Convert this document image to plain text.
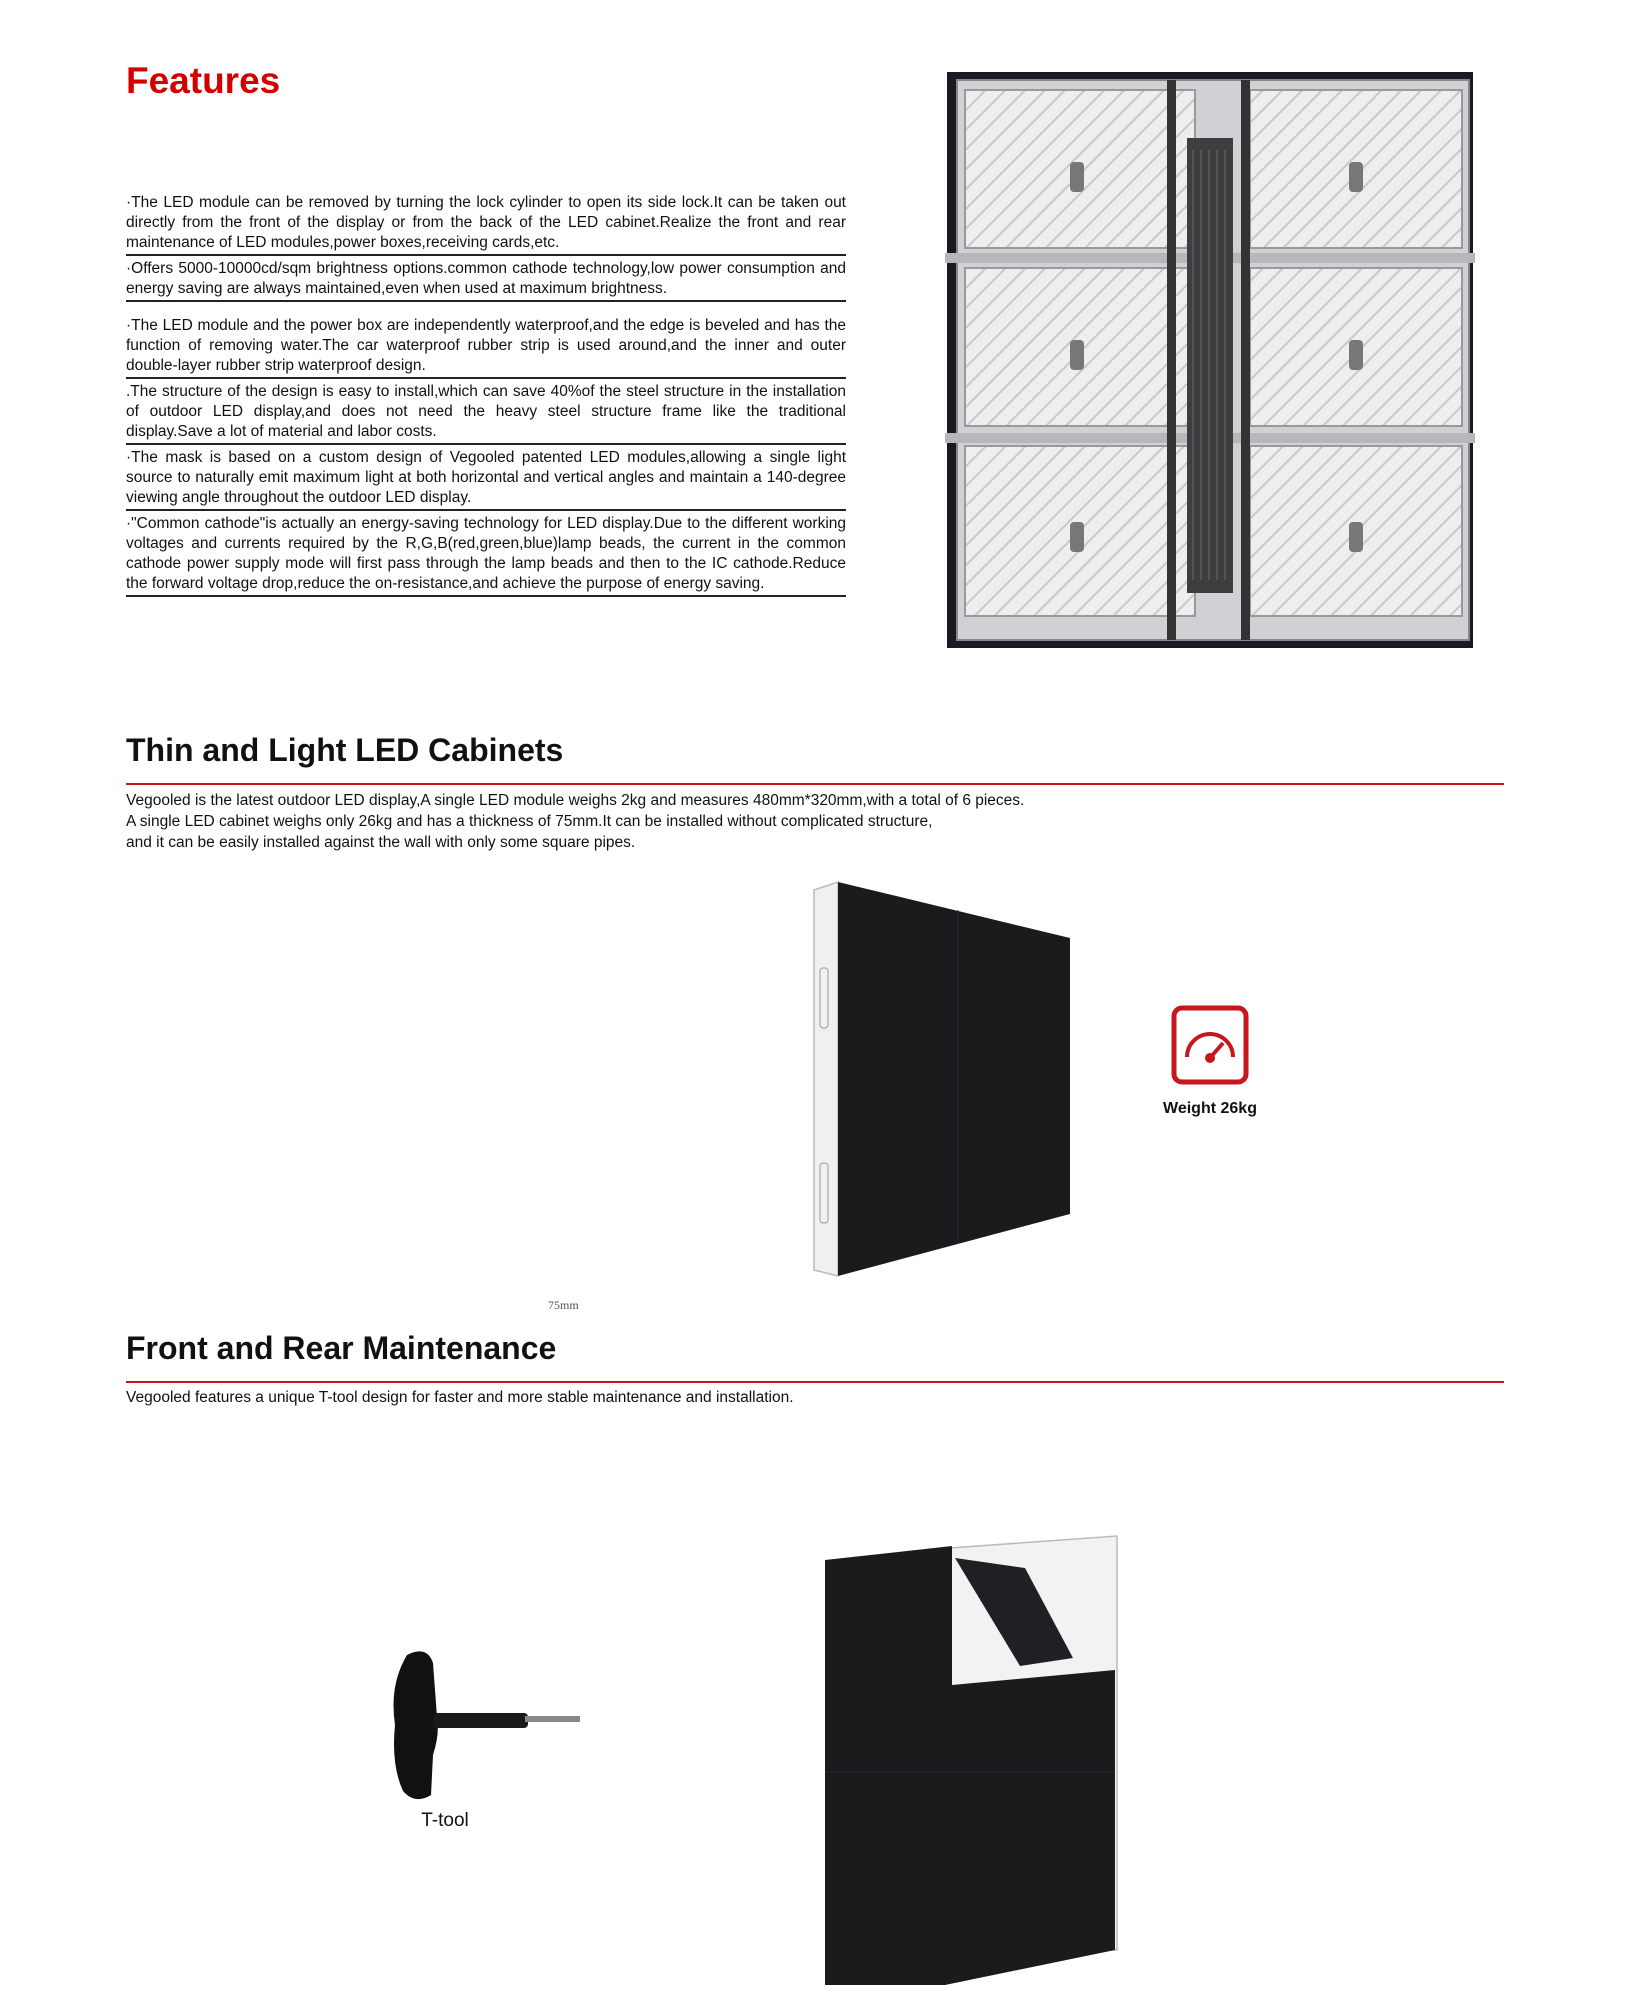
Features
·The LED module can be removed by turning the lock cylinder to open its side lock.It can be taken out directly from the front of the display or from the back of the LED cabinet.Realize the front and rear maintenance of LED modules,power boxes,receiving cards,etc.
·Offers 5000-10000cd/sqm brightness options.common cathode technology,low power consumption and energy saving are always maintained,even when used at maximum brightness.
·The LED module and the power box are independently waterproof,and the edge is beveled and has the function of removing water.The car waterproof rubber strip is used around,and the inner and outer double-layer rubber strip waterproof design.
.The structure of the design is easy to install,which can save 40%of the steel structure in the installation of outdoor LED display,and does not need the heavy steel structure frame like the traditional display.Save a lot of material and labor costs.
·The mask is based on a custom design of Vegooled patented LED modules,allowing a single light source to naturally emit maximum light at both horizontal and vertical angles and maintain a 140-degree viewing angle throughout the outdoor LED display.
·"Common cathode"is actually an energy-saving technology for LED display.Due to the different working voltages and currents required by the R,G,B(red,green,blue)lamp beads, the current in the common cathode power supply mode will first pass through the lamp beads and then to the IC cathode.Reduce the forward voltage drop,reduce the on-resistance,and achieve the purpose of energy saving.
Thin and Light LED Cabinets
Vegooled is the latest outdoor LED display,A single LED module weighs 2kg and measures 480mm*320mm,with a total of 6 pieces.
A single LED cabinet weighs only 26kg and has a thickness of 75mm.It can be installed without complicated structure,
and it can be easily installed against the wall with only some square pipes.
Weight 26kg
75mm
Front and Rear Maintenance
Vegooled features a unique T-tool design for faster and more stable maintenance and installation.
T-tool
